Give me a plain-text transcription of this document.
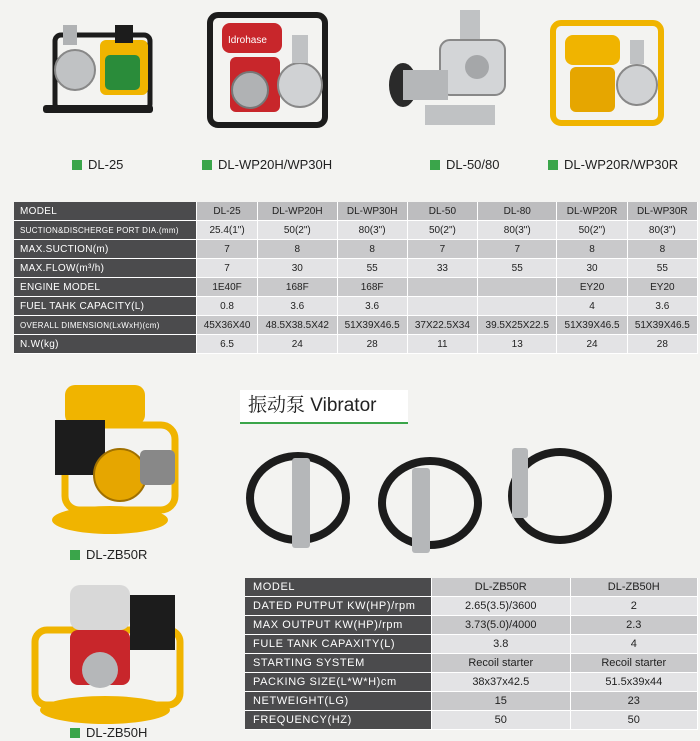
Idrohase
DL-25	DL-WP20H/WP30H	DL-50/80	DL-WP20R/WP30R
MODEL	DL-25	DL-WP20H	DL-WP30H	DL-50	DL-80	DL-WP20R	DL-WP30R
SUCTION&DISCHERGE PORT DIA.(mm)	25.4(1")	50(2")	80(3")	50(2")	80(3")	50(2")	80(3")
MAX.SUCTION(m)	7	8	8	7	7	8	8
MAX.FLOW(m³/h)	7	30	55	33	55	30	55
ENGINE MODEL	1E40F	168F	168F			EY20	EY20
FUEL TAHK CAPACITY(L)	0.8	3.6	3.6			4	3.6
OVERALL DIMENSION(LxWxH)(cm)	45X36X40	48.5X38.5X42	51X39X46.5	37X22.5X34	39.5X25X22.5	51X39X46.5	51X39X46.5
N.W(kg)	6.5	24	28	11	13	24	28
DL-ZB50R
DL-ZB50H
振动泵 Vibrator
MODEL	DL-ZB50R	DL-ZB50H
DATED PUTPUT KW(HP)/rpm	2.65(3.5)/3600	2
MAX OUTPUT KW(HP)/rpm	3.73(5.0)/4000	2.3
FULE TANK CAPAXITY(L)	3.8	4
STARTING SYSTEM	Recoil starter	Recoil starter
PACKING SIZE(L*W*H)cm	38x37x42.5	51.5x39x44
NETWEIGHT(LG)	15	23
FREQUENCY(HZ)	50	50
